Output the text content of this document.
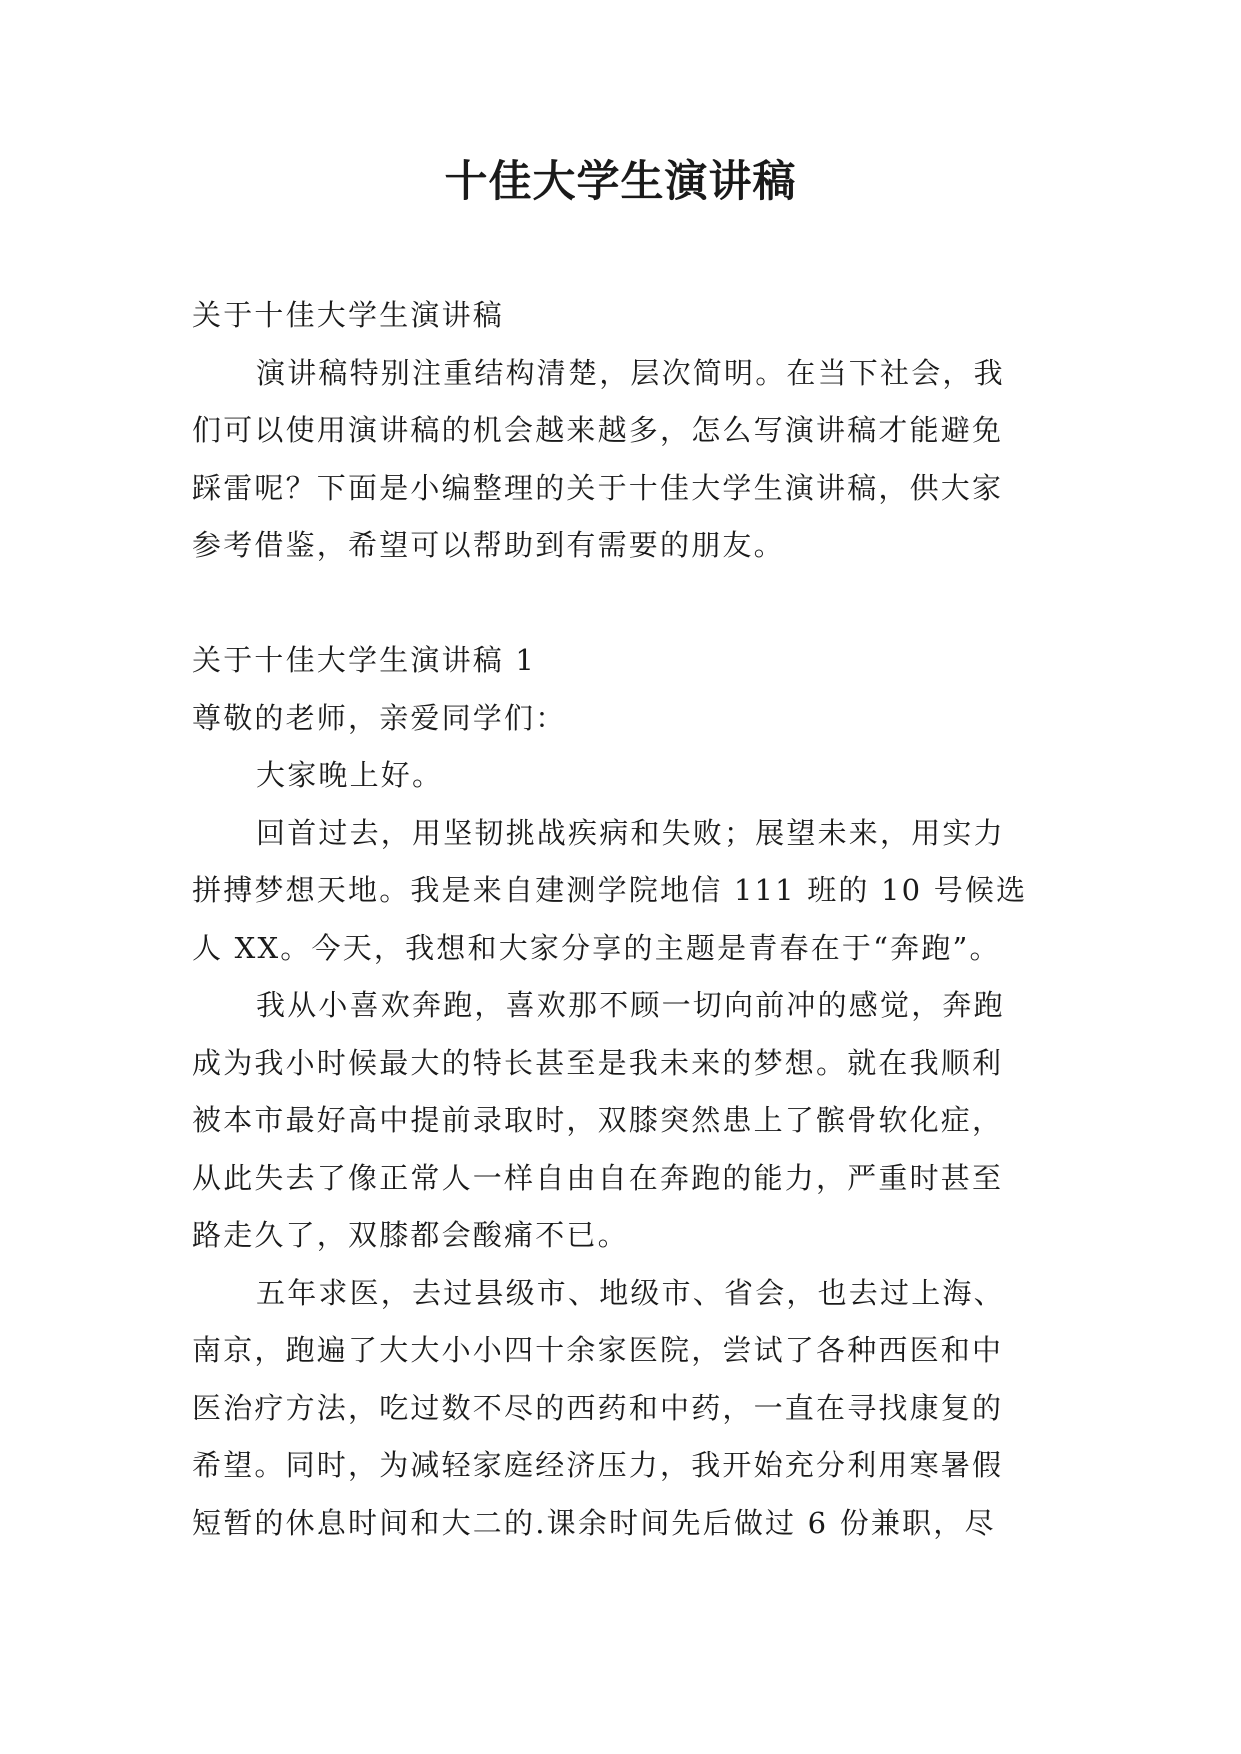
十佳大学生演讲稿

关于十佳大学生演讲稿

演讲稿特别注重结构清楚，层次简明。在当下社会，我

们可以使用演讲稿的机会越来越多，怎么写演讲稿才能避免

踩雷呢？下面是小编整理的关于十佳大学生演讲稿，供大家

参考借鉴，希望可以帮助到有需要的朋友。

关于十佳大学生演讲稿 1

尊敬的老师，亲爱同学们：

大家晚上好。

回首过去，用坚韧挑战疾病和失败；展望未来，用实力

拼搏梦想天地。我是来自建测学院地信 111 班的 10 号候选

人 XX。今天，我想和大家分享的主题是青春在于“奔跑”。

我从小喜欢奔跑，喜欢那不顾一切向前冲的感觉，奔跑

成为我小时候最大的特长甚至是我未来的梦想。就在我顺利

被本市最好高中提前录取时，双膝突然患上了髌骨软化症，

从此失去了像正常人一样自由自在奔跑的能力，严重时甚至

路走久了，双膝都会酸痛不已。

五年求医，去过县级市、地级市、省会，也去过上海、

南京，跑遍了大大小小四十余家医院，尝试了各种西医和中

医治疗方法，吃过数不尽的西药和中药，一直在寻找康复的

希望。同时，为减轻家庭经济压力，我开始充分利用寒暑假

短暂的休息时间和大二的.课余时间先后做过 6 份兼职，尽
